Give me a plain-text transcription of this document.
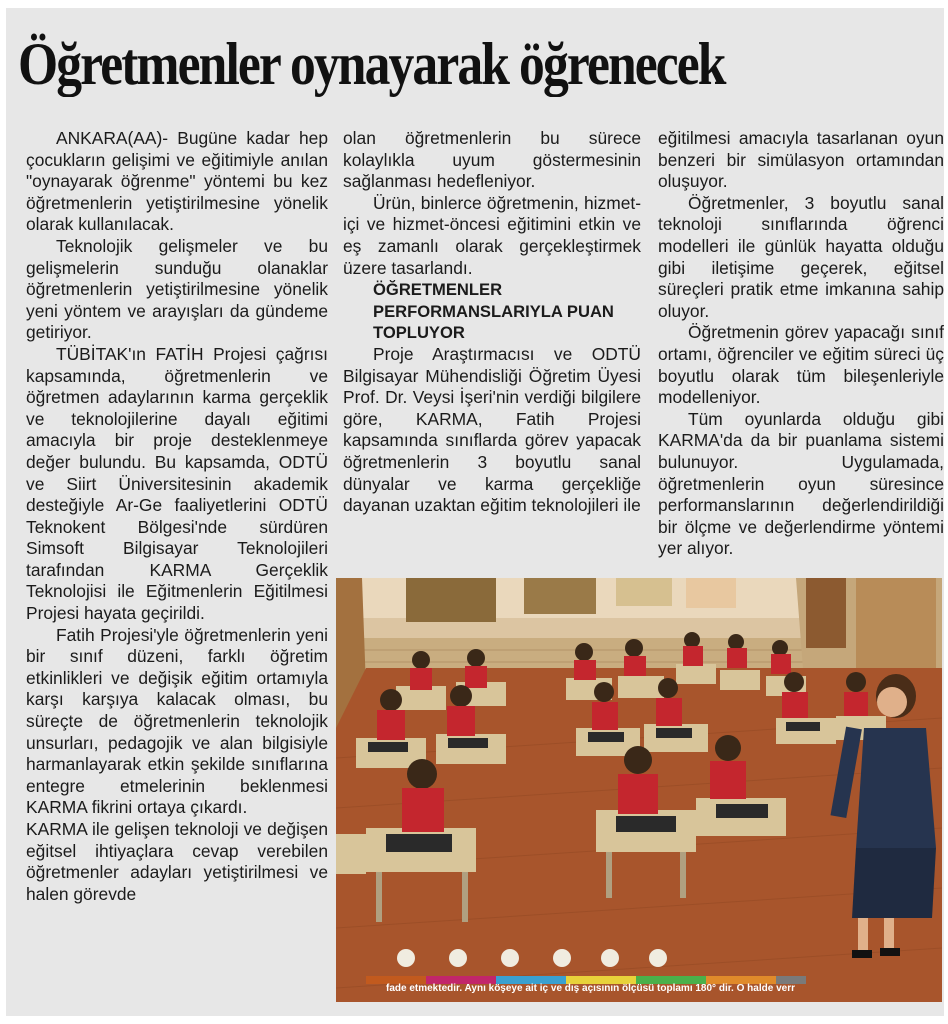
Öğretmenler oynayarak öğrenecek

ANKARA(AA)- Bugüne kadar hep çocukların gelişimi ve eğitimiyle anılan "oynayarak öğrenme" yöntemi bu kez öğretmenlerin yetiştirilmesine yönelik olarak kullanılacak.

Teknolojik gelişmeler ve bu gelişmelerin sunduğu olanaklar öğretmenlerin yetiştirilmesine yönelik yeni yöntem ve arayışları da gündeme getiriyor.

TÜBİTAK'ın FATİH Projesi çağrısı kapsamında, öğretmenlerin ve öğretmen adaylarının karma gerçeklik ve teknolojilerine dayalı eğitimi amacıyla bir proje desteklenmeye değer bulundu. Bu kapsamda, ODTÜ ve Siirt Üniversitesinin akademik desteğiyle Ar-Ge faaliyetlerini ODTÜ Teknokent Bölgesi'nde sürdüren Simsoft Bilgisayar Teknolojileri tarafından KARMA Gerçeklik Teknolojisi ile Eğitmenlerin Eğitilmesi Projesi hayata geçirildi.

Fatih Projesi'yle öğretmenlerin yeni bir sınıf düzeni, farklı öğretim etkinlikleri ve değişik eğitim ortamıyla karşı karşıya kalacak olması, bu süreçte de öğretmenlerin teknolojik unsurları, pedagojik ve alan bilgisiyle harmanlayarak etkin şekilde sınıflarına entegre etmelerinin beklenmesi KARMA fikrini ortaya çıkardı.

KARMA ile gelişen teknoloji ve değişen eğitsel ihtiyaçlara cevap verebilen öğretmenler adayları yetiştirilmesi ve halen görevde

olan öğretmenlerin bu sürece kolaylıkla uyum göstermesinin sağlanması hedefleniyor.

Ürün, binlerce öğretmenin, hizmet-içi ve hizmet-öncesi eğitimini etkin ve eş zamanlı olarak gerçekleştirmek üzere tasarlandı.

ÖĞRETMENLER PERFORMANSLARIYLA PUAN TOPLUYOR

Proje Araştırmacısı ve ODTÜ Bilgisayar Mühendisliği Öğretim Üyesi Prof. Dr. Veysi İşeri'nin verdiği bilgilere göre, KARMA, Fatih Projesi kapsamında sınıflarda görev yapacak öğretmenlerin 3 boyutlu sanal dünyalar ve karma gerçekliğe dayanan uzaktan eğitim teknolojileri ile

eğitilmesi amacıyla tasarlanan oyun benzeri bir simülasyon ortamından oluşuyor.

Öğretmenler, 3 boyutlu sanal teknoloji sınıflarında öğrenci modelleri ile günlük hayatta olduğu gibi iletişime geçerek, eğitsel süreçleri pratik etme imkanına sahip oluyor.

Öğretmenin görev yapacağı sınıf ortamı, öğrenciler ve eğitim süreci üç boyutlu olarak tüm bileşenleriyle modelleniyor.

Tüm oyunlarda olduğu gibi KARMA'da da bir puanlama sistemi bulunuyor. Uygulamada, öğretmenlerin oyun süresince performanslarının değerlendirildiği bir ölçme ve değerlendirme yöntemi yer alıyor.

fade etmektedir. Aynı köşeye ait iç ve dış açısının ölçüsü toplamı 180° dir. O halde verr
